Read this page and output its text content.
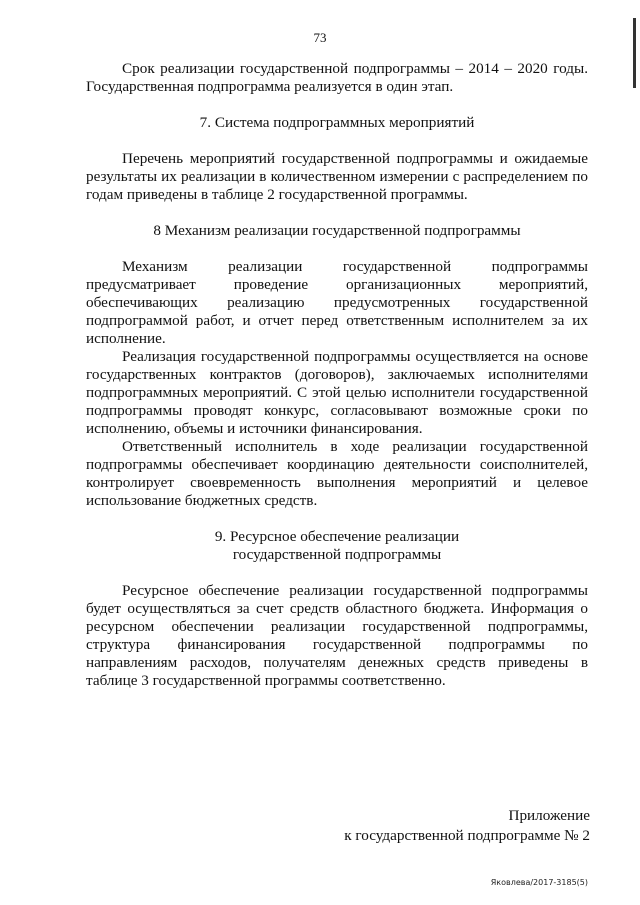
73

Срок реализации государственной подпрограммы – 2014 – 2020 годы. Государственная подпрограмма реализуется в один этап.

7. Система подпрограммных мероприятий

Перечень мероприятий государственной подпрограммы и ожидаемые результаты их реализации в количественном измерении с распределением по годам приведены в таблице 2 государственной программы.

8 Механизм реализации государственной подпрограммы

Механизм реализации государственной подпрограммы предусматривает проведение организационных мероприятий, обеспечивающих реализацию предусмотренных государственной подпрограммой работ, и отчет перед ответственным исполнителем за их исполнение.

Реализация государственной подпрограммы осуществляется на основе государственных контрактов (договоров), заключаемых исполнителями подпрограммных мероприятий. С этой целью исполнители государственной подпрограммы проводят конкурс, согласовывают возможные сроки по исполнению, объемы и источники финансирования.

Ответственный исполнитель в ходе реализации государственной подпрограммы обеспечивает координацию деятельности соисполнителей, контролирует своевременность выполнения мероприятий и целевое использование бюджетных средств.

9. Ресурсное обеспечение реализации
государственной подпрограммы

Ресурсное обеспечение реализации государственной подпрограммы будет осуществляться за счет средств областного бюджета. Информация о ресурсном обеспечении реализации государственной подпрограммы, структура финансирования государственной подпрограммы по направлениям расходов, получателям денежных средств приведены в таблице 3 государственной программы соответственно.

Приложение
к государственной подпрограмме № 2
Яковлева/2017-3185(5)
